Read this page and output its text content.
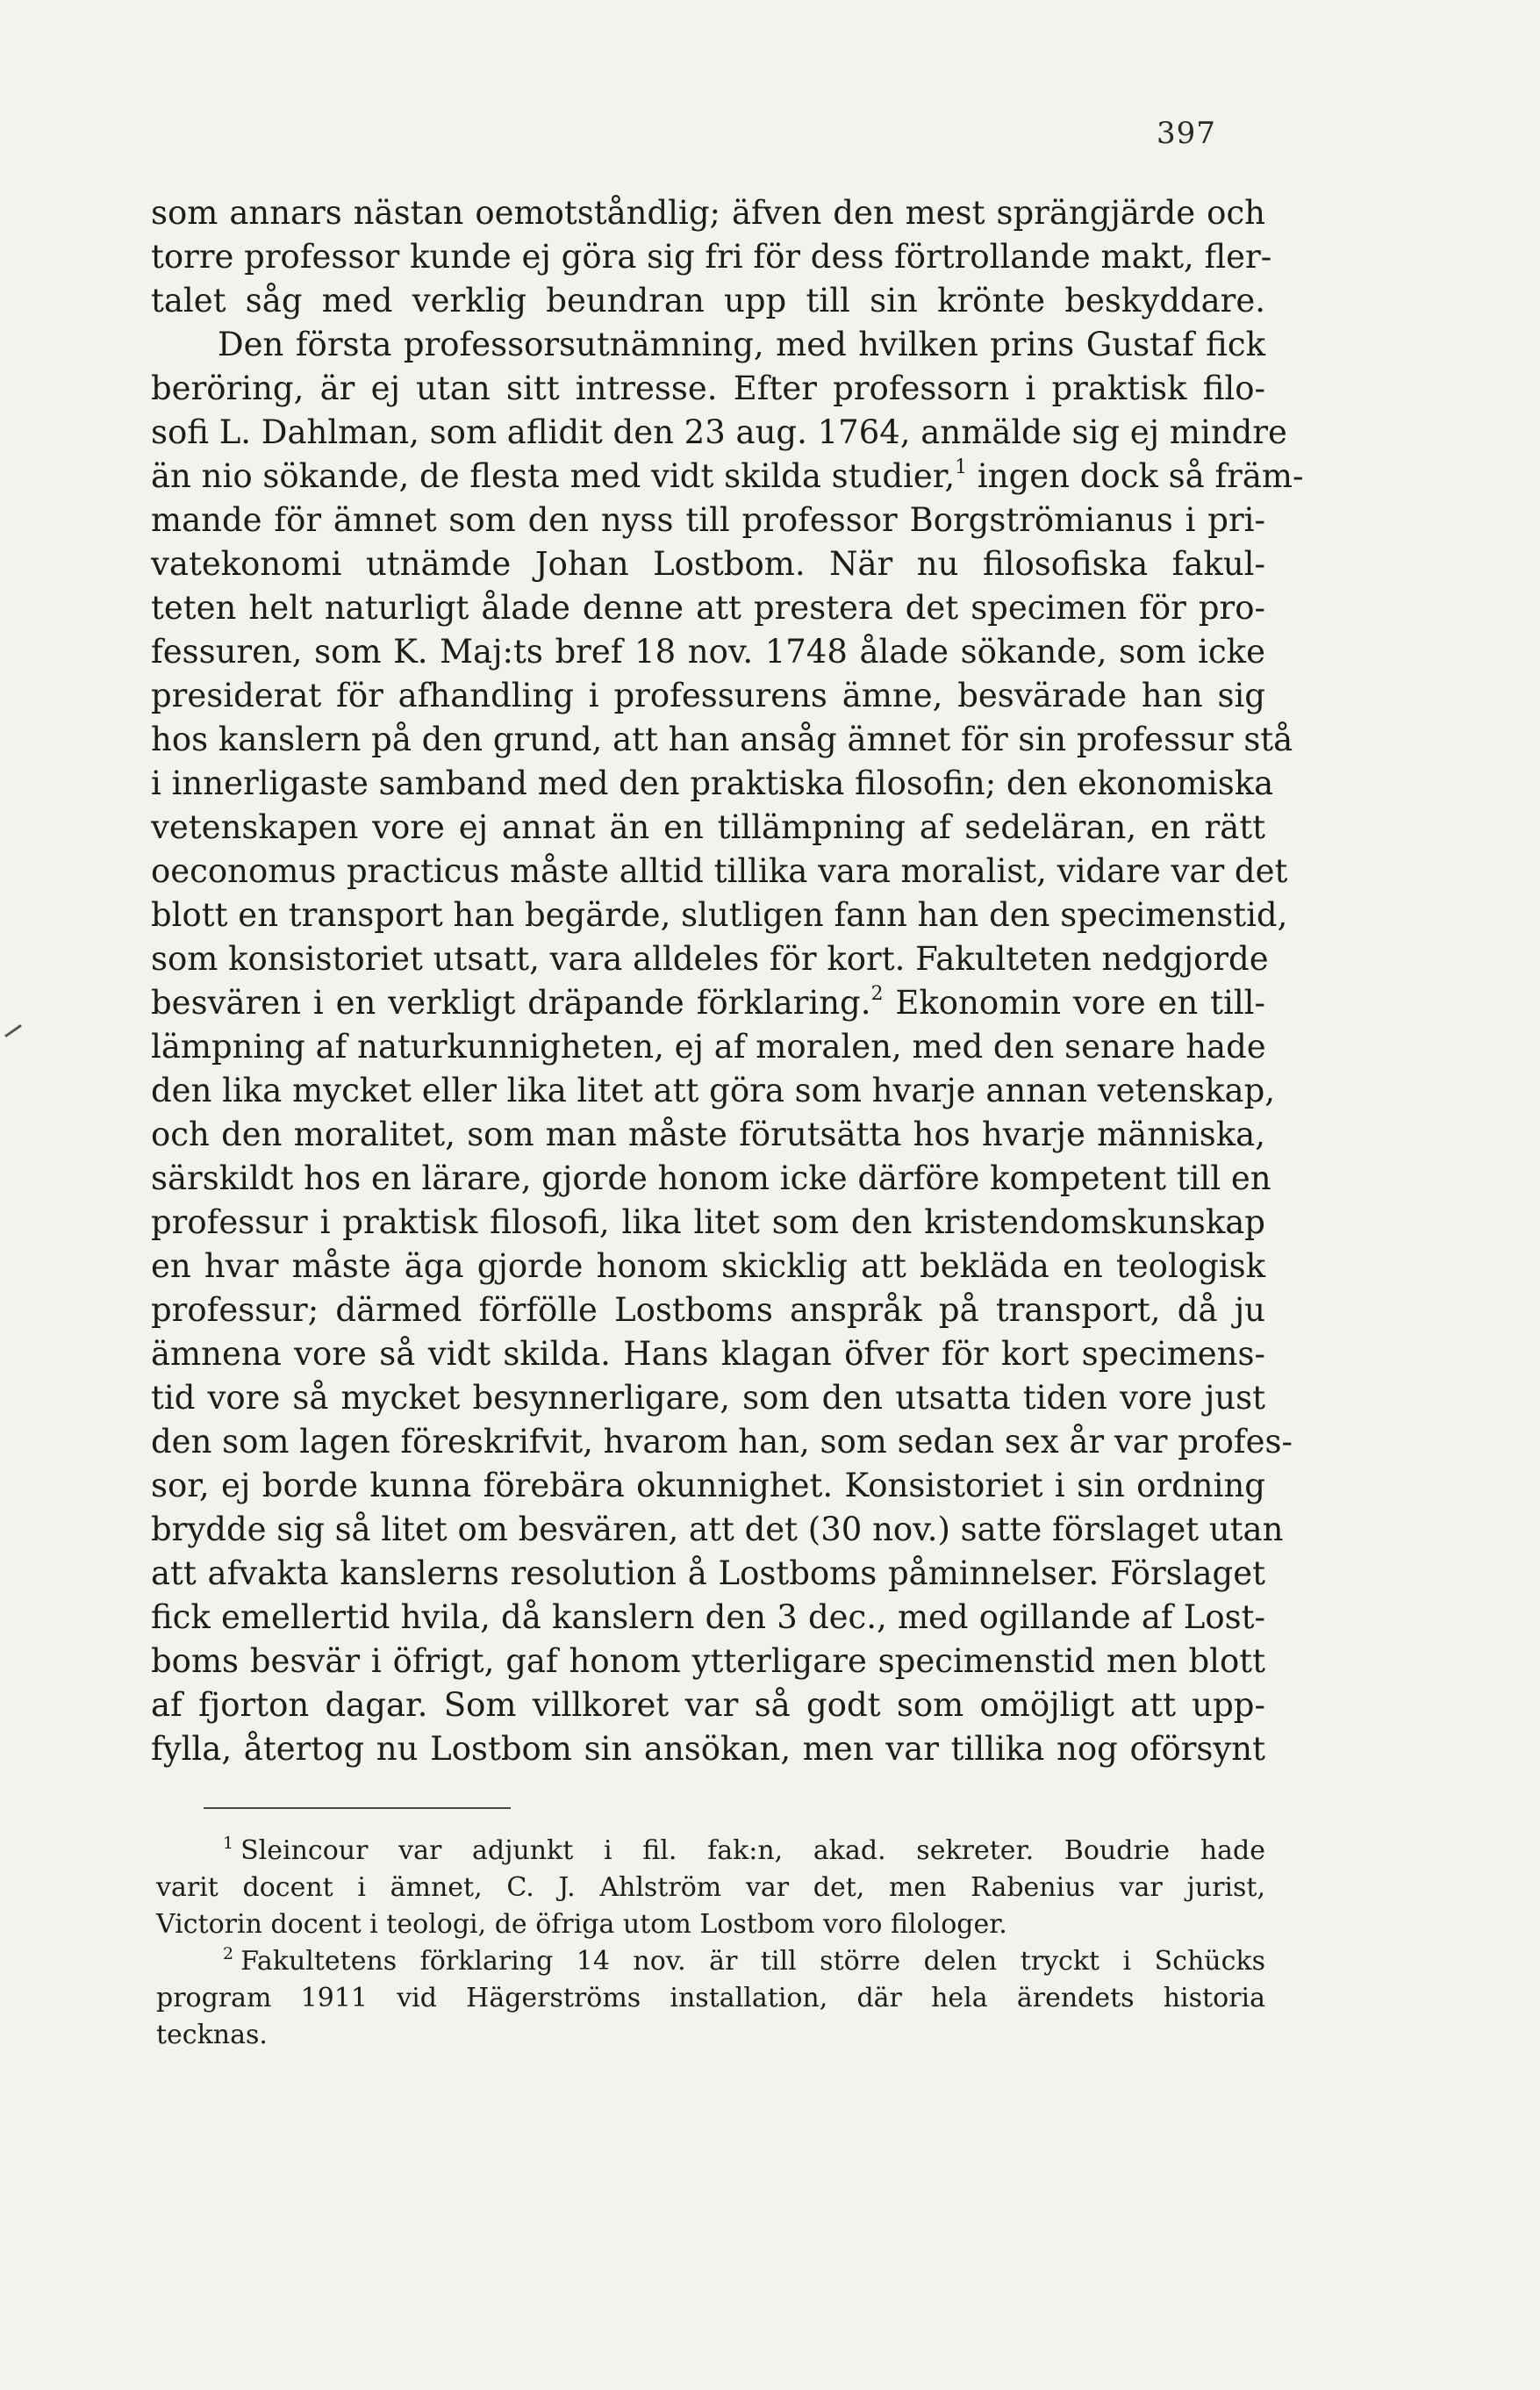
397
som annars nästan oemotståndlig; äfven den mest sprängjärde och
torre professor kunde ej göra sig fri för dess förtrollande makt, fler-
talet såg med verklig beundran upp till sin krönte beskyddare.
Den första professorsutnämning, med hvilken prins Gustaf fick
beröring, är ej utan sitt intresse. Efter professorn i praktisk filo-
sofi L. Dahlman, som aflidit den 23 aug. 1764, anmälde sig ej mindre
än nio sökande, de flesta med vidt skilda studier,$^1$ ingen dock så främ-
mande för ämnet som den nyss till professor Borgströmianus i pri-
vatekonomi utnämde Johan Lostbom. När nu filosofiska fakul-
teten helt naturligt ålade denne att prestera det specimen för pro-
fessuren, som K. Maj:ts bref 18 nov. 1748 ålade sökande, som icke
presiderat för afhandling i professurens ämne, besvärade han sig
hos kanslern på den grund, att han ansåg ämnet för sin professur stå
i innerligaste samband med den praktiska filosofin; den ekonomiska
vetenskapen vore ej annat än en tillämpning af sedeläran, en rätt
oeconomus practicus måste alltid tillika vara moralist, vidare var det
blott en transport han begärde, slutligen fann han den specimenstid,
som konsistoriet utsatt, vara alldeles för kort. Fakulteten nedgjorde
besvären i en verkligt dräpande förklaring.$^2$ Ekonomin vore en till-
lämpning af naturkunnigheten, ej af moralen, med den senare hade
den lika mycket eller lika litet att göra som hvarje annan vetenskap,
och den moralitet, som man måste förutsätta hos hvarje människa,
särskildt hos en lärare, gjorde honom icke därföre kompetent till en
professur i praktisk filosofi, lika litet som den kristendomskunskap
en hvar måste äga gjorde honom skicklig att bekläda en teologisk
professur; därmed förfölle Lostboms anspråk på transport, då ju
ämnena vore så vidt skilda. Hans klagan öfver för kort specimens-
tid vore så mycket besynnerligare, som den utsatta tiden vore just
den som lagen föreskrifvit, hvarom han, som sedan sex år var profes-
sor, ej borde kunna förebära okunnighet. Konsistoriet i sin ordning
brydde sig så litet om besvären, att det (30 nov.) satte förslaget utan
att afvakta kanslerns resolution å Lostboms påminnelser. Förslaget
fick emellertid hvila, då kanslern den 3 dec., med ogillande af Lost-
boms besvär i öfrigt, gaf honom ytterligare specimenstid men blott
af fjorton dagar. Som villkoret var så godt som omöjligt att upp-
fylla, återtog nu Lostbom sin ansökan, men var tillika nog oförsynt
$^1$ Sleincour var adjunkt i fil. fak:n, akad. sekreter. Boudrie hade
varit docent i ämnet, C. J. Ahlström var det, men Rabenius var jurist,
Victorin docent i teologi, de öfriga utom Lostbom voro filologer.
$^2$ Fakultetens förklaring 14 nov. är till större delen tryckt i Schücks
program 1911 vid Hägerströms installation, där hela ärendets historia
tecknas.
